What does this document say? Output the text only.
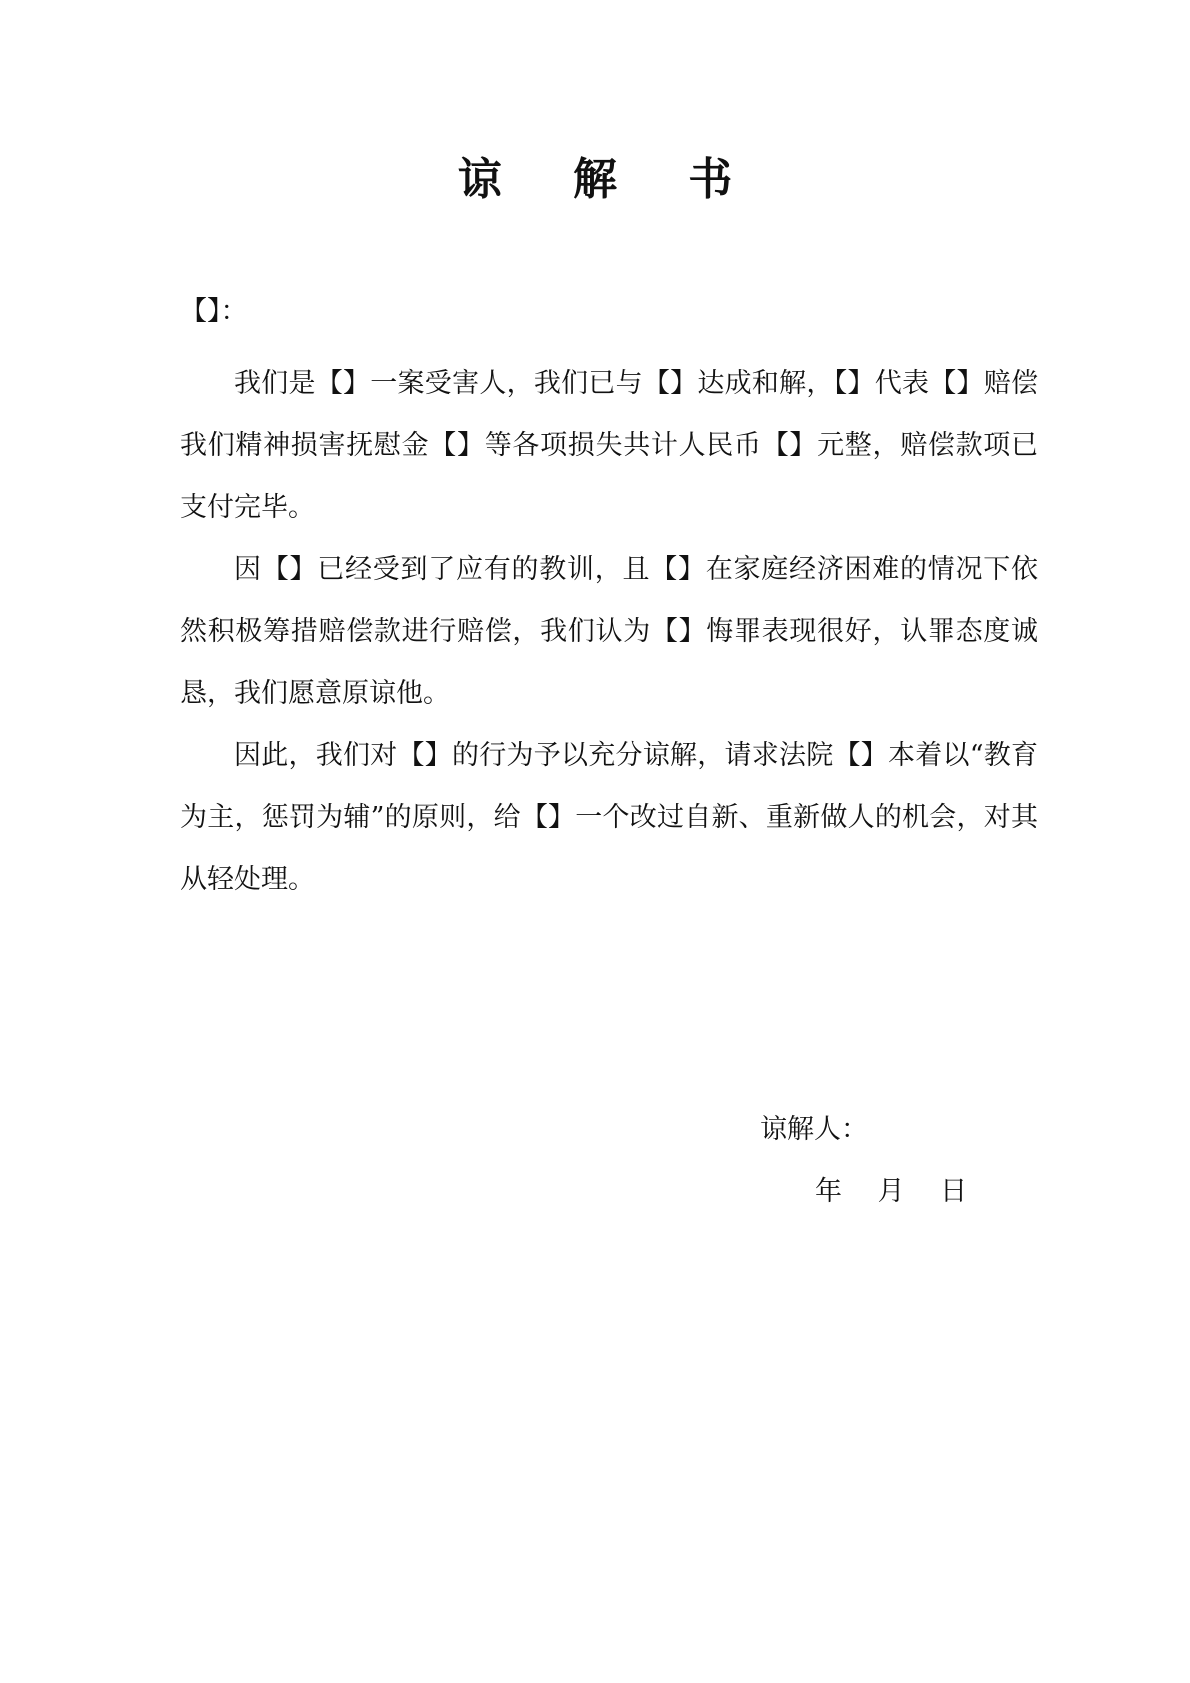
谅 解 书
【】：

我们是【】一案受害人，我们已与【】达成和解，【】代表【】赔偿我们精神损害抚慰金【】等各项损失共计人民币【】元整，赔偿款项已支付完毕。

因【】已经受到了应有的教训，且【】在家庭经济困难的情况下依然积极筹措赔偿款进行赔偿，我们认为【】悔罪表现很好，认罪态度诚恳，我们愿意原谅他。

因此，我们对【】的行为予以充分谅解，请求法院【】本着以“教育为主，惩罚为辅”的原则，给【】一个改过自新、重新做人的机会，对其从轻处理。

谅解人：
年　 月　 日
